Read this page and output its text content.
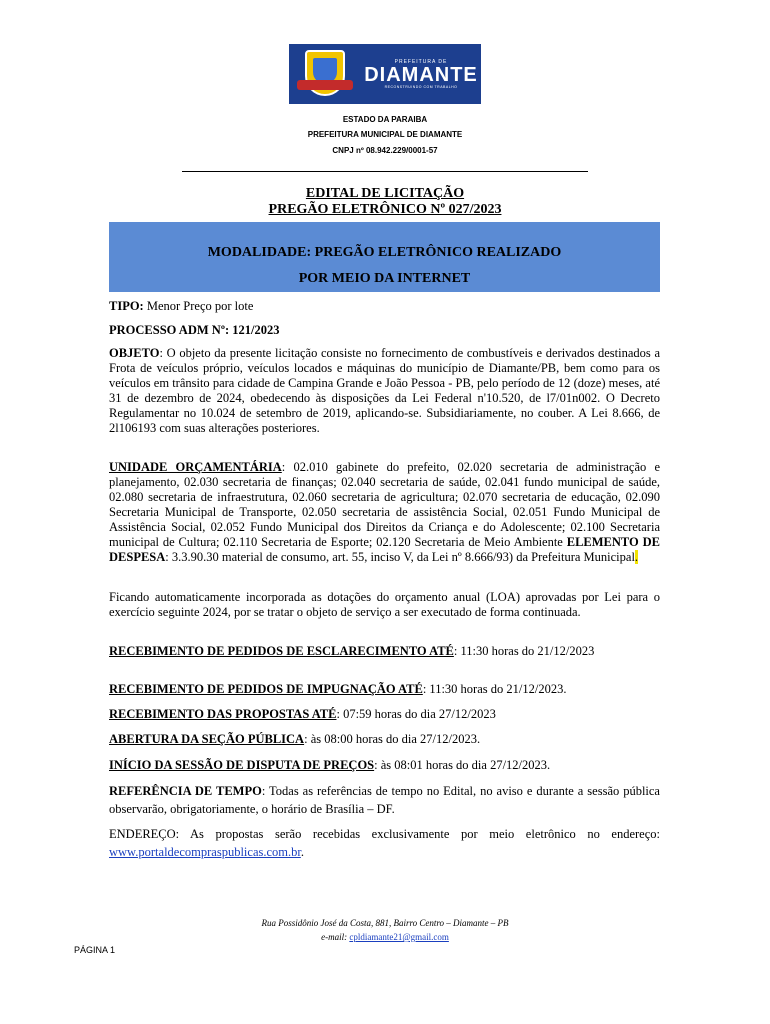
PREFEITURA DE
DIAMANTE
RECONSTRUINDO COM TRABALHO
ESTADO DA PARAIBA
PREFEITURA MUNICIPAL DE DIAMANTE
CNPJ nº 08.942.229/0001-57
EDITAL DE LICITAÇÃO
PREGÃO ELETRÔNICO Nº 027/2023
MODALIDADE: PREGÃO ELETRÔNICO REALIZADO
POR MEIO DA INTERNET
TIPO: Menor Preço por lote
PROCESSO ADM Nº: 121/2023
OBJETO: O objeto da presente licitação consiste no fornecimento de combustíveis e derivados destinados a Frota de veículos próprio, veículos locados e máquinas do município de Diamante/PB, bem como para os veículos em trânsito para cidade de Campina Grande e João Pessoa - PB, pelo período de 12 (doze) meses, até 31 de dezembro de 2024, obedecendo às disposições da Lei Federal n'10.520, de l7/01n002. O Decreto Regulamentar no 10.024 de setembro de 2019, aplicando-se. Subsidiariamente, no couber. A Lei 8.666, de 2l106193 com suas alterações posteriores.
UNIDADE ORÇAMENTÁRIA: 02.010 gabinete do prefeito, 02.020 secretaria de administração e planejamento, 02.030 secretaria de finanças; 02.040 secretaria de saúde, 02.041 fundo municipal de saúde, 02.080 secretaria de infraestrutura, 02.060 secretaria de agricultura; 02.070 secretaria de educação, 02.090 Secretaria Municipal de Transporte, 02.050 secretaria de assistência Social, 02.051 Fundo Municipal de Assistência Social, 02.052 Fundo Municipal dos Direitos da Criança e do Adolescente; 02.100 Secretaria municipal de Cultura; 02.110 Secretaria de Esporte; 02.120 Secretaria de Meio Ambiente ELEMENTO DE DESPESA: 3.3.90.30 material de consumo, art. 55, inciso V, da Lei nº 8.666/93) da Prefeitura Municipal.
Ficando automaticamente incorporada as dotações do orçamento anual (LOA) aprovadas por Lei para o exercício seguinte 2024, por se tratar o objeto de serviço a ser executado de forma continuada.
RECEBIMENTO DE PEDIDOS DE ESCLARECIMENTO ATÉ: 11:30 horas do 21/12/2023
RECEBIMENTO DE PEDIDOS DE IMPUGNAÇÃO ATÉ: 11:30 horas do 21/12/2023.
RECEBIMENTO DAS PROPOSTAS ATÉ: 07:59 horas do dia 27/12/2023
ABERTURA DA SEÇÃO PÚBLICA: às 08:00 horas do dia 27/12/2023.
INÍCIO DA SESSÃO DE DISPUTA DE PREÇOS: às 08:01 horas do dia 27/12/2023.
REFERÊNCIA DE TEMPO: Todas as referências de tempo no Edital, no aviso e durante a sessão pública observarão, obrigatoriamente, o horário de Brasília – DF.
ENDEREÇO: As propostas serão recebidas exclusivamente por meio eletrônico no endereço: www.portaldecompraspublicas.com.br.
Rua Possidônio José da Costa, 881, Bairro Centro – Diamante – PB
e-mail: cpldiamante21@gmail.com
PÁGINA 1
